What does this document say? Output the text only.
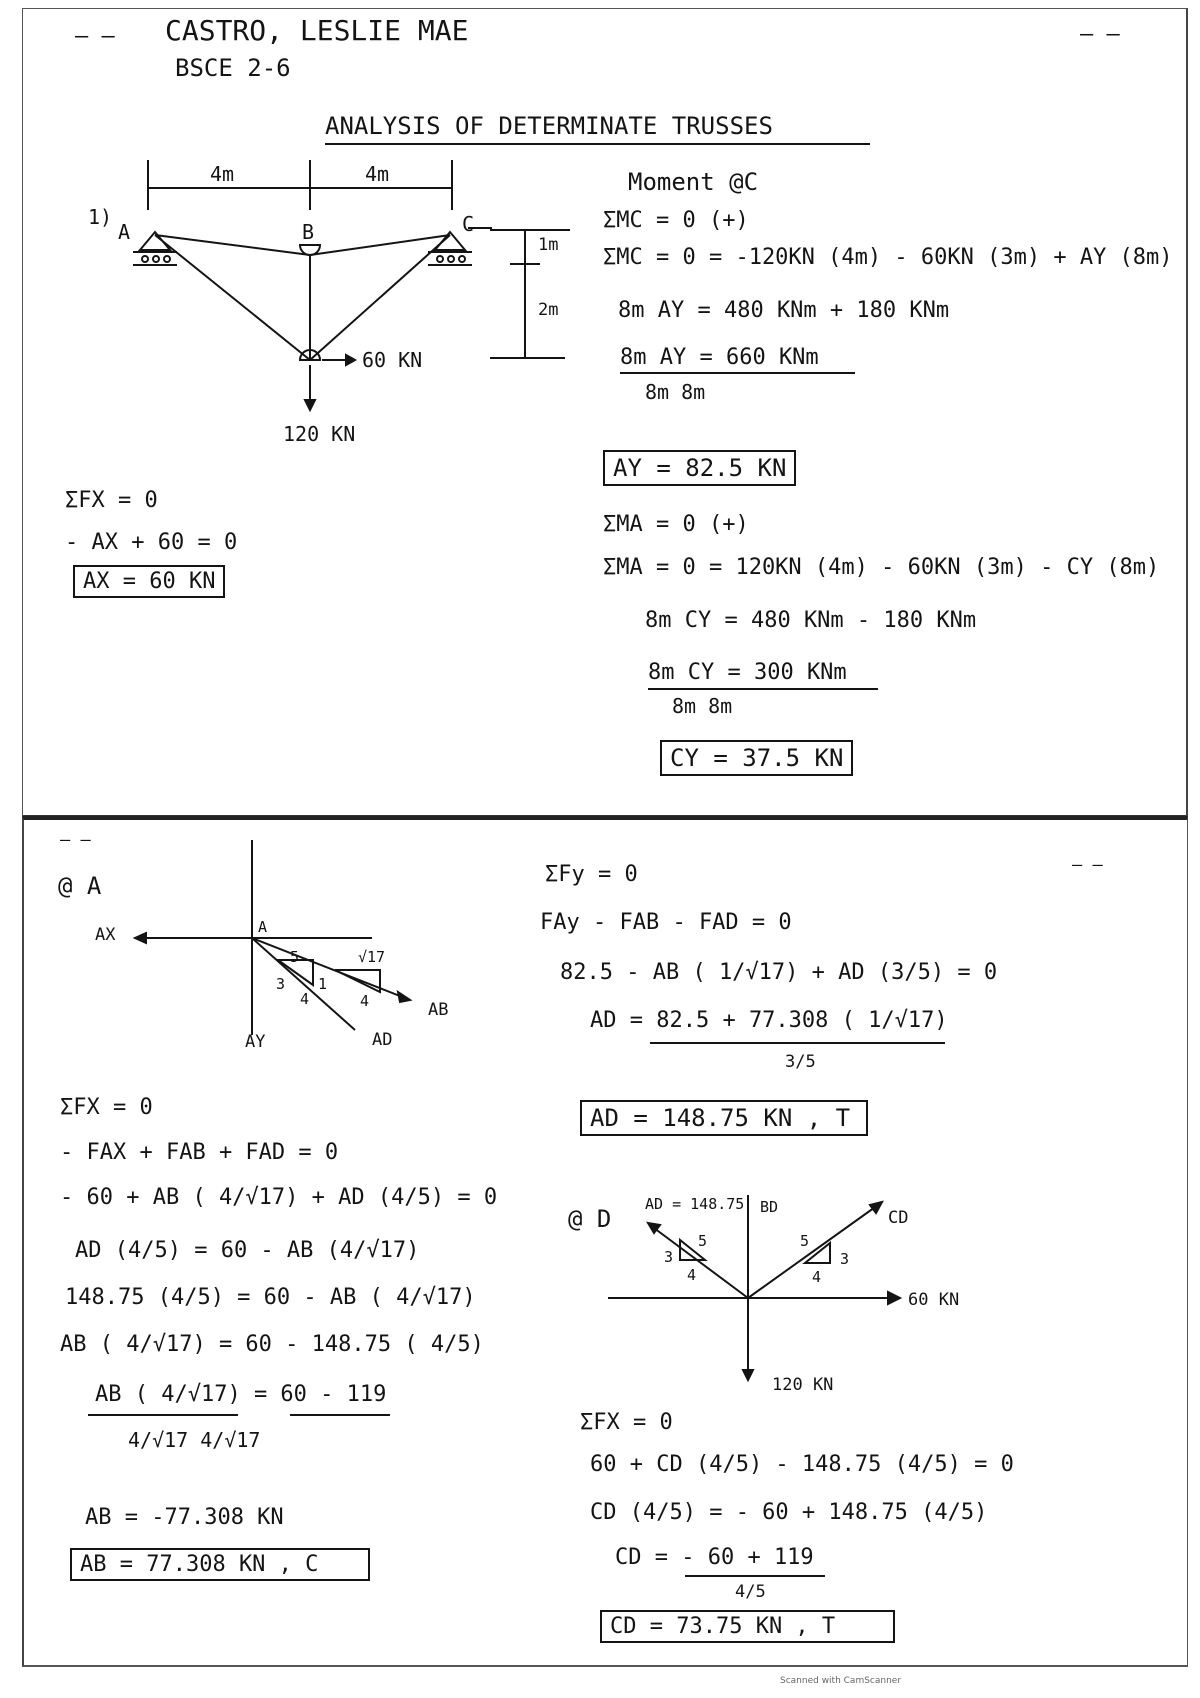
– – CASTRO, LESLIE MAE
BSCE 2-6
– –
ANALYSIS OF DETERMINATE TRUSSES
4m	4m
1)
A	B	C
1m
2m
60 KN
120 KN
Moment @C
ΣMC = 0 (+)
ΣMC = 0 = -120KN (4m) - 60KN (3m) + AY (8m)
8m AY = 480 KNm + 180 KNm
8m AY = 660 KNm
8m 8m
AY = 82.5 KN
ΣFX = 0
- AX + 60 = 0
AX = 60 KN
ΣMA = 0 (+)
ΣMA = 0 = 120KN (4m) - 60KN (3m) - CY (8m)
8m CY = 480 KNm - 180 KNm
8m CY = 300 KNm
8m 8m
CY = 37.5 KN
– –
– –
@ A
AX	A
AY
AB
AD
√17
1
3
4	4
5
ΣFy = 0
FAy - FAB - FAD = 0
82.5 - AB ( 1/√17) + AD (3/5) = 0
AD = 82.5 + 77.308 ( 1/√17)
3/5
AD = 148.75 KN , T
ΣFX = 0
- FAX + FAB + FAD = 0
- 60 + AB ( 4/√17) + AD (4/5) = 0
AD (4/5) = 60 - AB (4/√17)
148.75 (4/5) = 60 - AB ( 4/√17)
AB ( 4/√17) = 60 - 148.75 ( 4/5)
AB ( 4/√17) = 60 - 119
4/√17 4/√17
AB = -77.308 KN
AB = 77.308 KN , C
@ D
AD = 148.75 BD
CD
60 KN
120 KN
5
3
4
5
3
4
ΣFX = 0
60 + CD (4/5) - 148.75 (4/5) = 0
CD (4/5) = - 60 + 148.75 (4/5)
CD = - 60 + 119
4/5
CD = 73.75 KN , T
Scanned with CamScanner
